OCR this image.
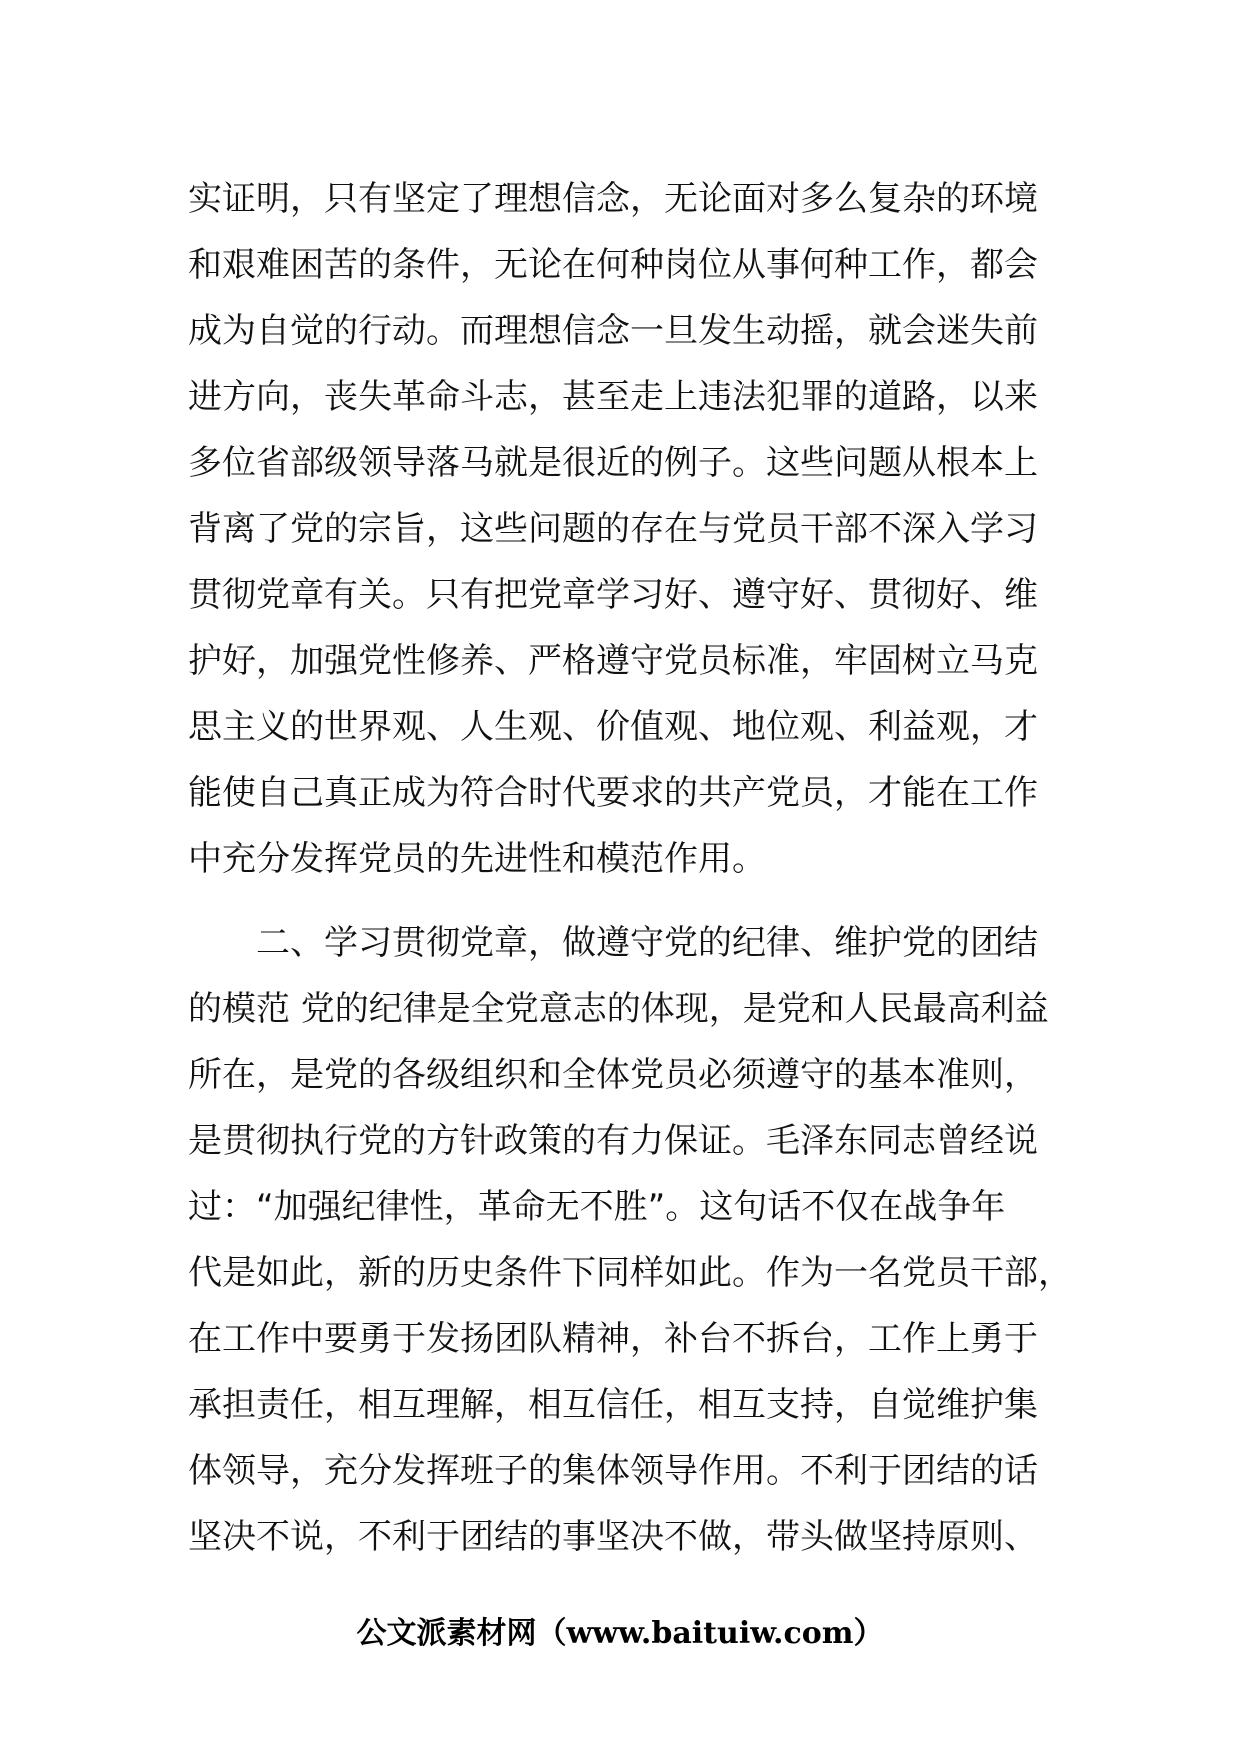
实证明，只有坚定了理想信念，无论面对多么复杂的环境
和艰难困苦的条件，无论在何种岗位从事何种工作，都会
成为自觉的行动。而理想信念一旦发生动摇，就会迷失前
进方向，丧失革命斗志，甚至走上违法犯罪的道路，以来
多位省部级领导落马就是很近的例子。这些问题从根本上
背离了党的宗旨，这些问题的存在与党员干部不深入学习
贯彻党章有关。只有把党章学习好、遵守好、贯彻好、维
护好，加强党性修养、严格遵守党员标准，牢固树立马克
思主义的世界观、人生观、价值观、地位观、利益观，才
能使自己真正成为符合时代要求的共产党员，才能在工作
中充分发挥党员的先进性和模范作用。
　　二、学习贯彻党章，做遵守党的纪律、维护党的团结
的模范 党的纪律是全党意志的体现，是党和人民最高利益
所在，是党的各级组织和全体党员必须遵守的基本准则，
是贯彻执行党的方针政策的有力保证。毛泽东同志曾经说
过：“加强纪律性，革命无不胜”。这句话不仅在战争年
代是如此，新的历史条件下同样如此。作为一名党员干部，
在工作中要勇于发扬团队精神，补台不拆台，工作上勇于
承担责任，相互理解，相互信任，相互支持，自觉维护集
体领导，充分发挥班子的集体领导作用。不利于团结的话
坚决不说，不利于团结的事坚决不做，带头做坚持原则、
公文派素材网（www.baituiw.com）
